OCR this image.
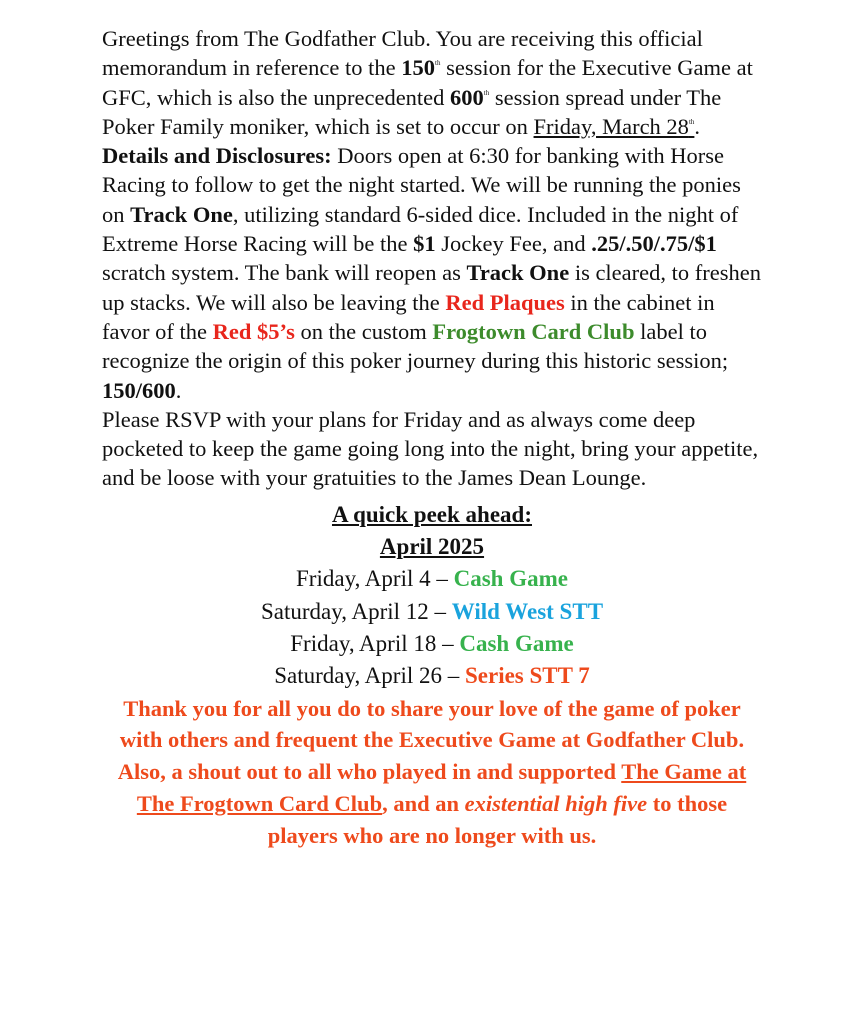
Greetings from The Godfather Club. You are receiving this official memorandum in reference to the 150th session for the Executive Game at GFC, which is also the unprecedented 600th session spread under The Poker Family moniker, which is set to occur on Friday, March 28th.

Details and Disclosures: Doors open at 6:30 for banking with Horse Racing to follow to get the night started. We will be running the ponies on Track One, utilizing standard 6-sided dice. Included in the night of Extreme Horse Racing will be the $1 Jockey Fee, and .25/.50/.75/$1 scratch system. The bank will reopen as Track One is cleared, to freshen up stacks. We will also be leaving the Red Plaques in the cabinet in favor of the Red $5’s on the custom Frogtown Card Club label to recognize the origin of this poker journey during this historic session; 150/600.

Please RSVP with your plans for Friday and as always come deep pocketed to keep the game going long into the night, bring your appetite, and be loose with your gratuities to the James Dean Lounge.

A quick peek ahead:
April 2025
Friday, April 4 – Cash Game
Saturday, April 12 – Wild West STT
Friday, April 18 – Cash Game
Saturday, April 26 – Series STT 7

Thank you for all you do to share your love of the game of poker with others and frequent the Executive Game at Godfather Club. Also, a shout out to all who played in and supported The Game at The Frogtown Card Club, and an existential high five to those players who are no longer with us.
